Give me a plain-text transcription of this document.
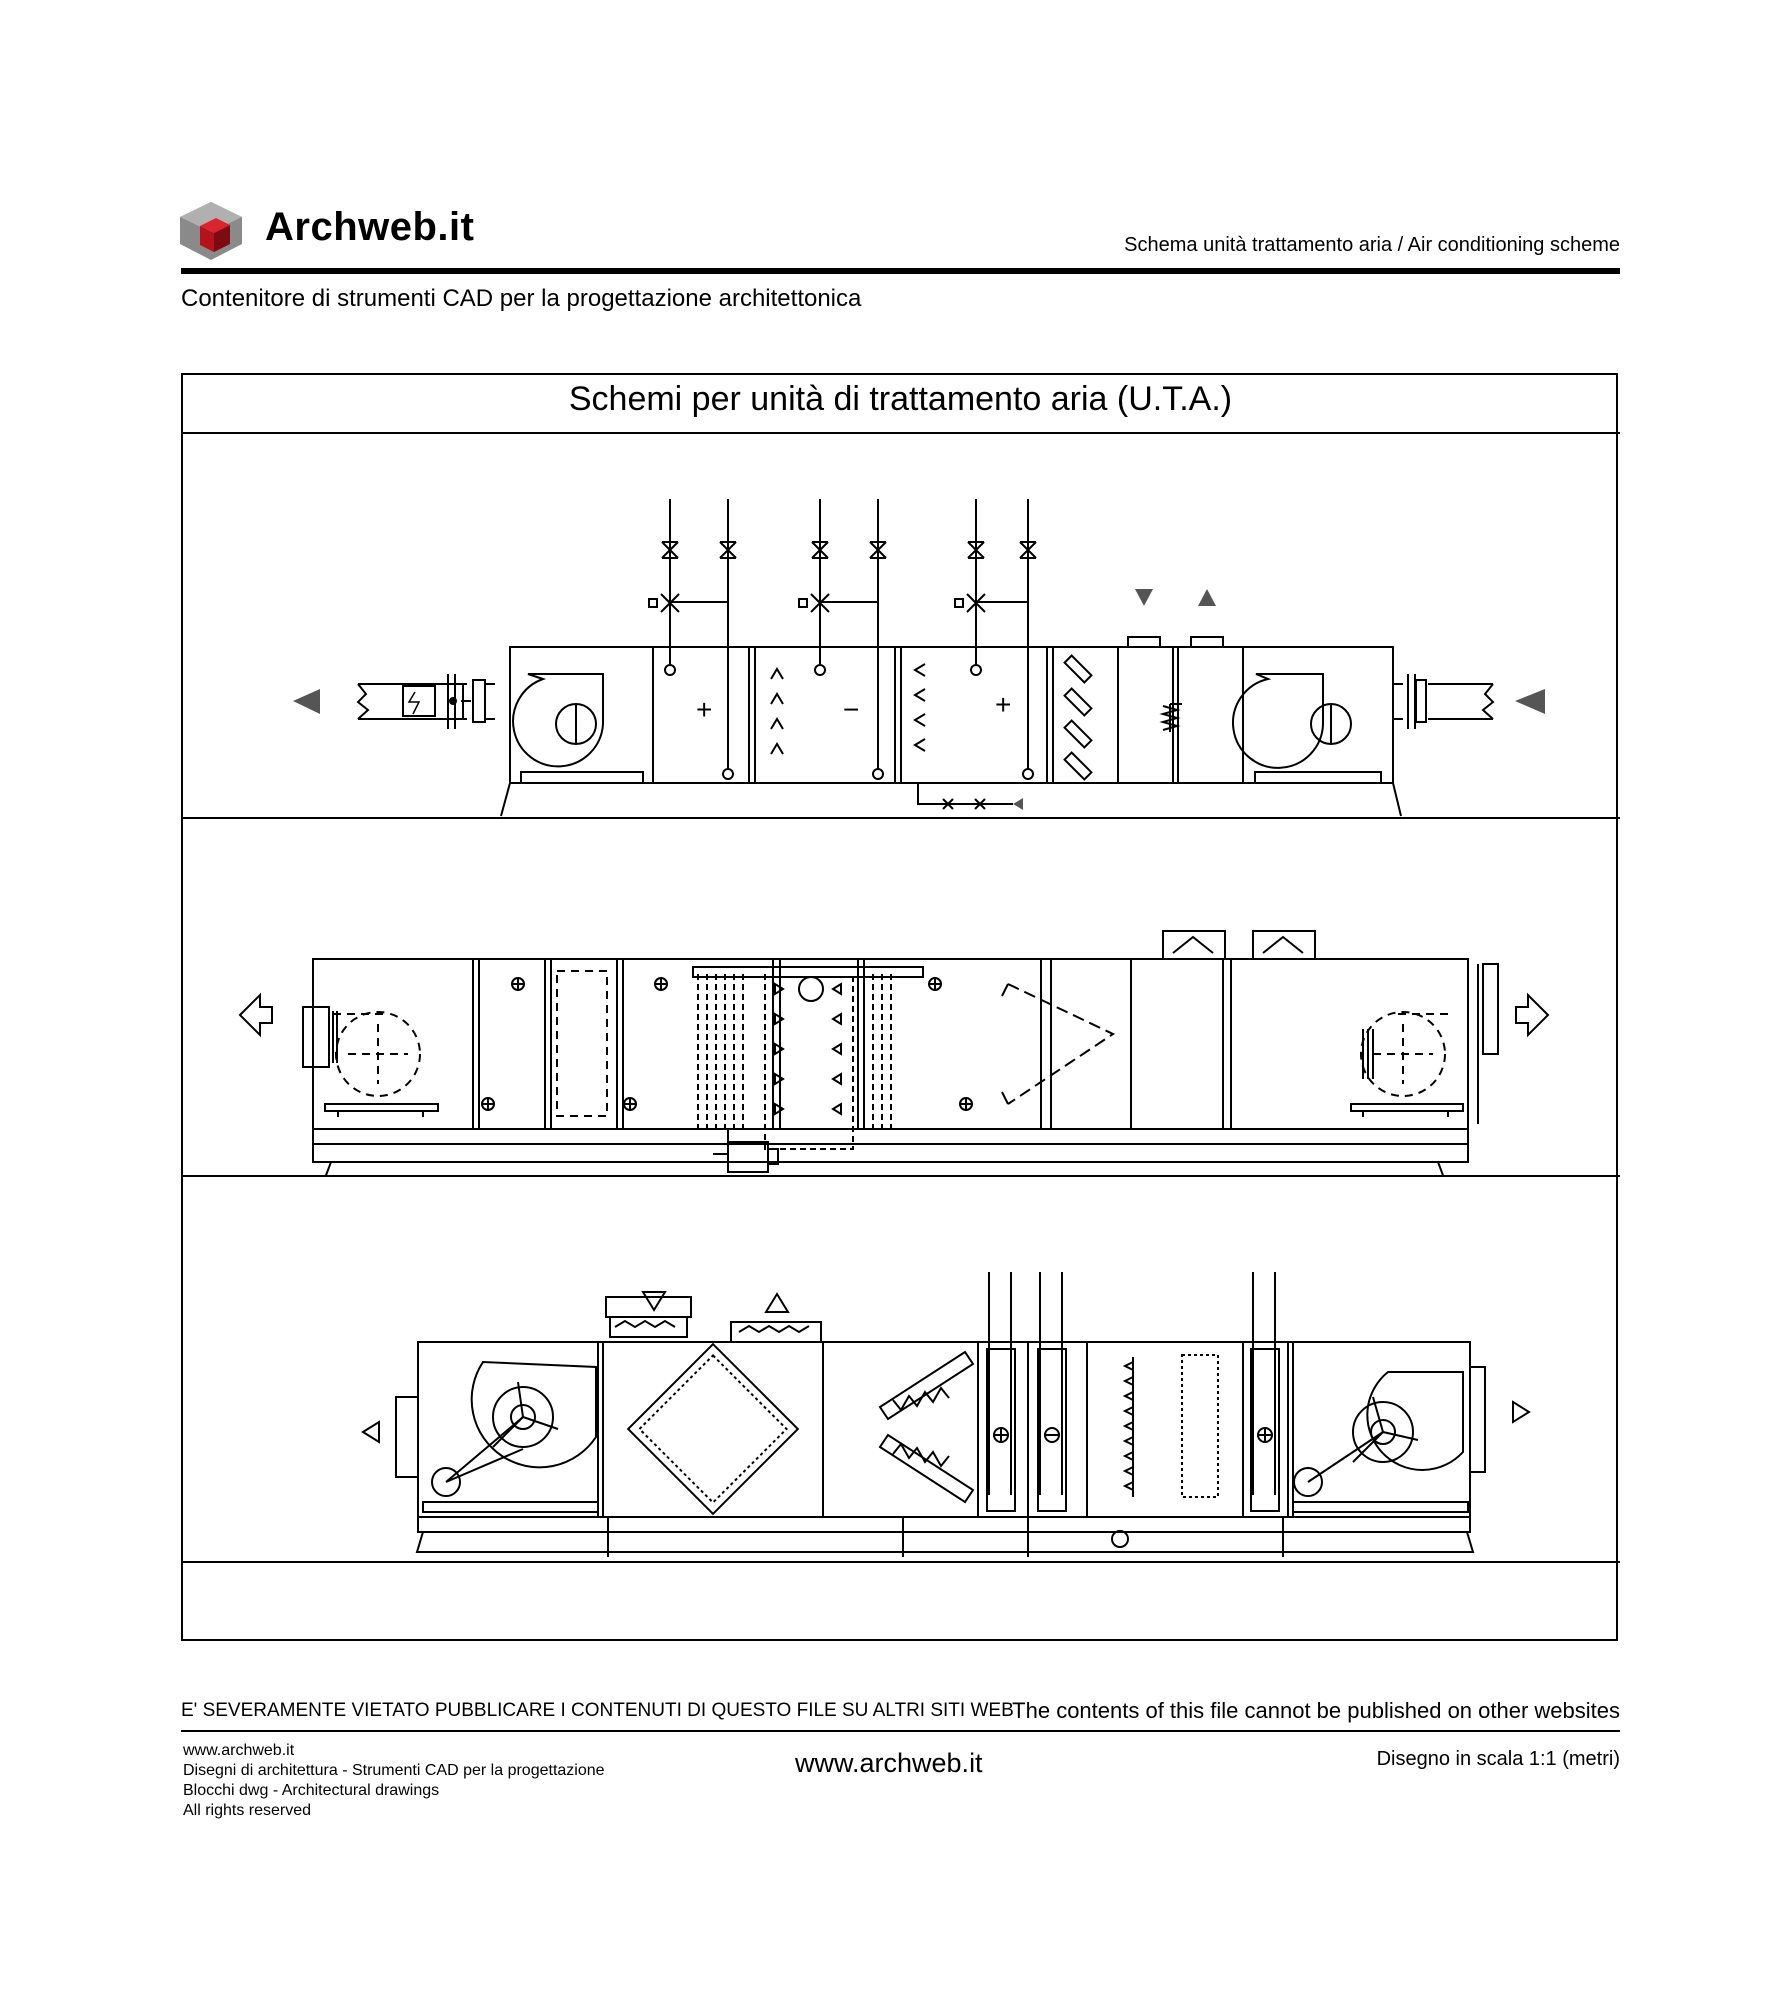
Archweb.it	Schema unità trattamento aria / Air conditioning scheme
Contenitore di strumenti CAD per la progettazione architettonica
Schemi per unità di trattamento aria (U.T.A.)
+	−	+
E' SEVERAMENTE VIETATO PUBBLICARE I CONTENUTI DI QUESTO FILE SU ALTRI SITI WEB
The contents of this file cannot be published on other websites
www.archweb.it
Disegni di architettura - Strumenti CAD per la progettazione
Blocchi dwg - Architectural drawings
All rights reserved
www.archweb.it	Disegno in scala 1:1 (metri)
